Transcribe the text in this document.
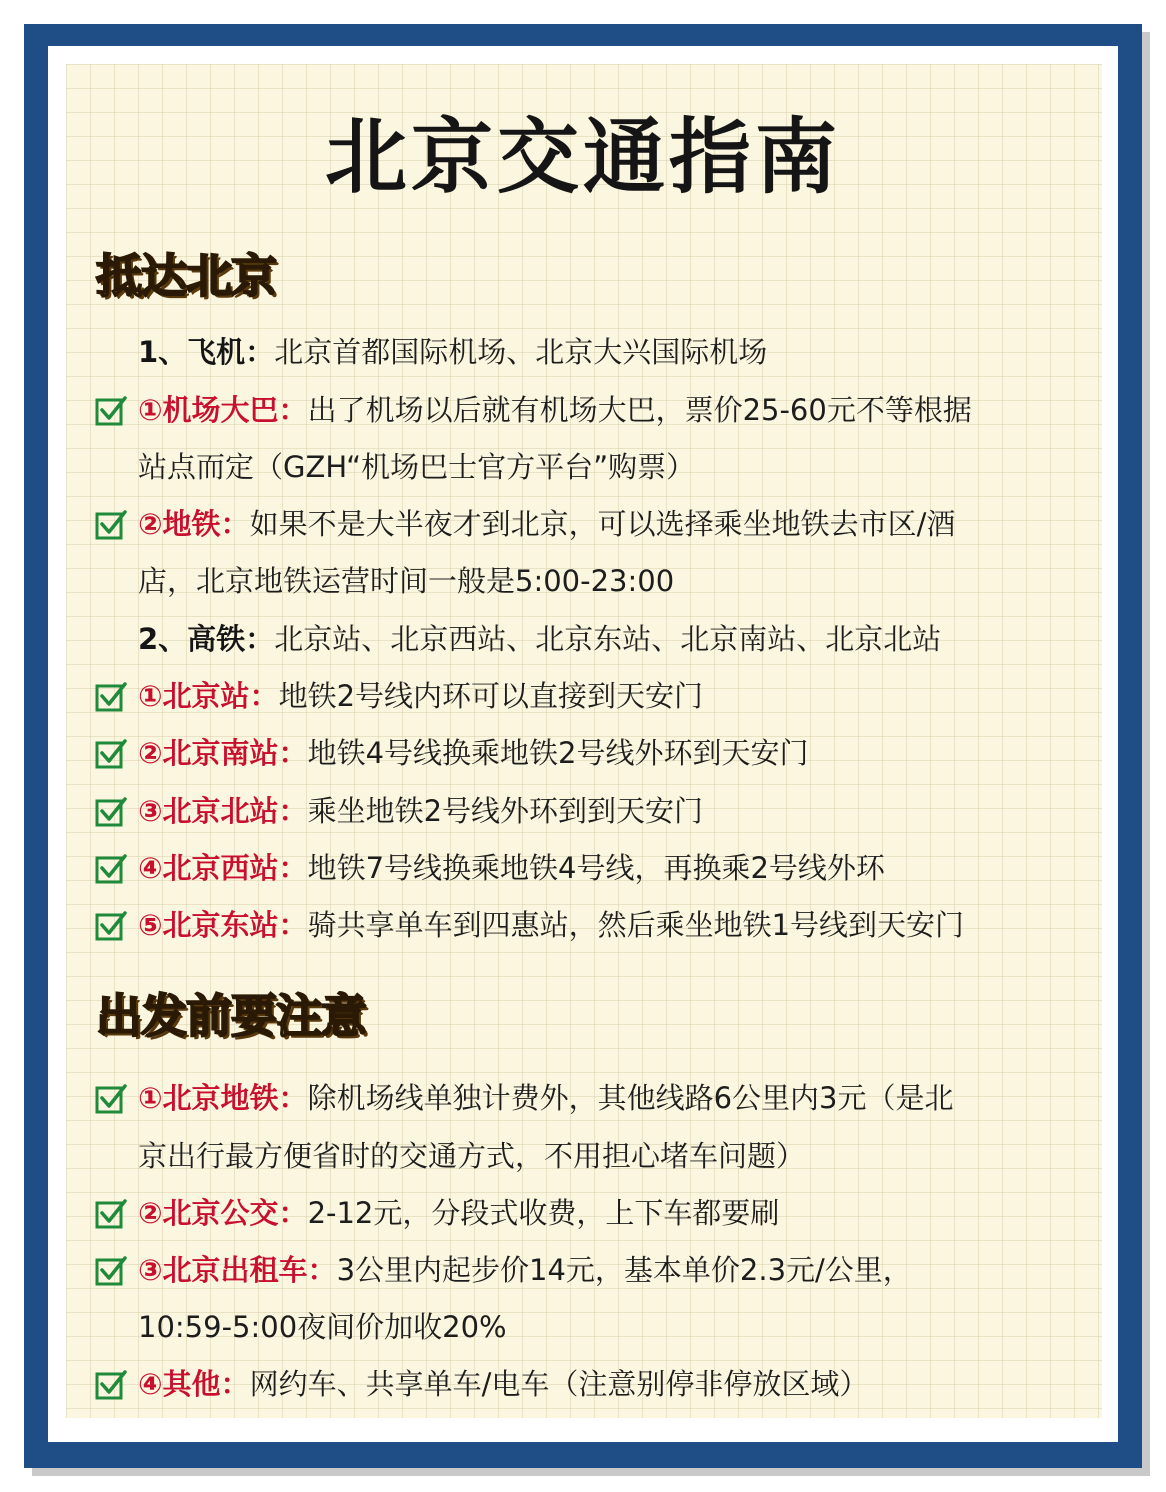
北京交通指南
抵达北京
1、飞机：北京首都国际机场、北京大兴国际机场
①机场大巴：出了机场以后就有机场大巴，票价25-60元不等根据
站点而定（GZH“机场巴士官方平台”购票）
②地铁：如果不是大半夜才到北京，可以选择乘坐地铁去市区/酒
店，北京地铁运营时间一般是5:00-23:00
2、高铁：北京站、北京西站、北京东站、北京南站、北京北站
①北京站：地铁2号线内环可以直接到天安门
②北京南站：地铁4号线换乘地铁2号线外环到天安门
③北京北站：乘坐地铁2号线外环到到天安门
④北京西站：地铁7号线换乘地铁4号线，再换乘2号线外环
⑤北京东站：骑共享单车到四惠站，然后乘坐地铁1号线到天安门
出发前要注意
①北京地铁：除机场线单独计费外，其他线路6公里内3元（是北
京出行最方便省时的交通方式，不用担心堵车问题）
②北京公交：2-12元，分段式收费，上下车都要刷
③北京出租车：3公里内起步价14元，基本单价2.3元/公里，
10:59-5:00夜间价加收20%
④其他：网约车、共享单车/电车（注意别停非停放区域）
